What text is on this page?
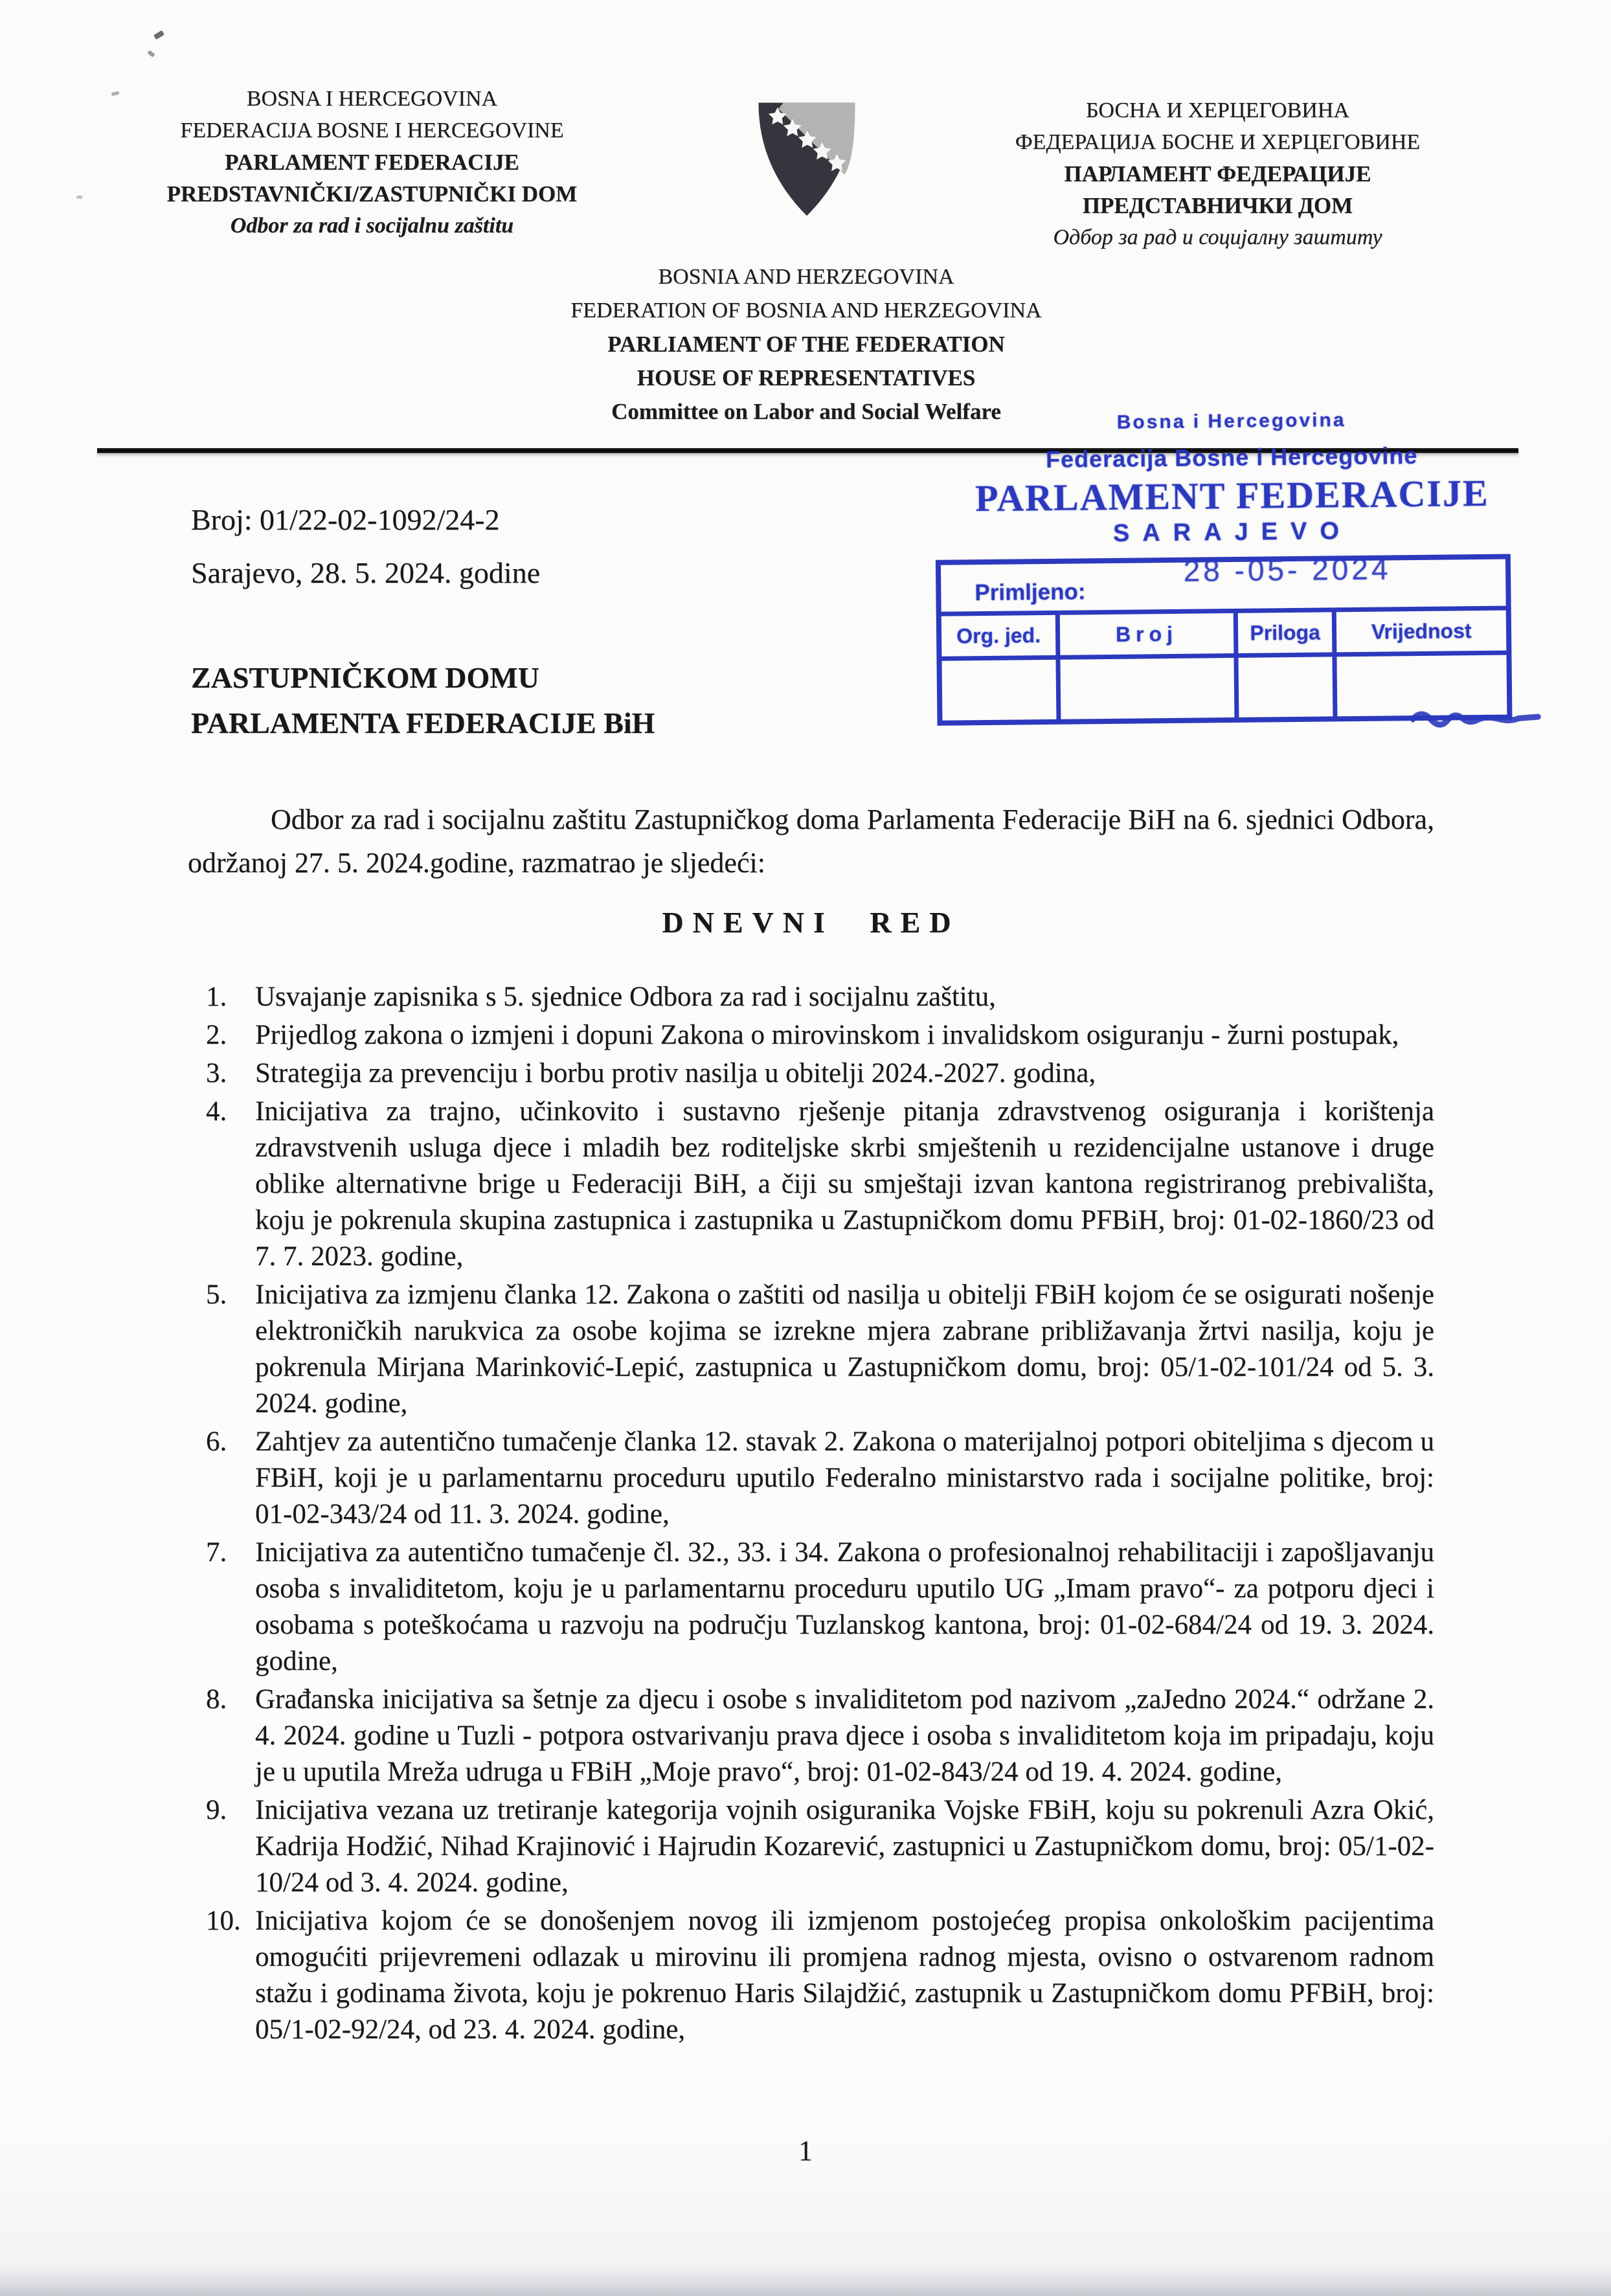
BOSNA I HERCEGOVINA
FEDERACIJA BOSNE I HERCEGOVINE
PARLAMENT FEDERACIJE
PREDSTAVNIČKI/ZASTUPNIČKI DOM
Odbor za rad i socijalnu zaštitu
БОСНА И ХЕРЦЕГОВИНА
ФЕДЕРАЦИЈА БОСНЕ И ХЕРЦЕГОВИНЕ
ПАРЛАМЕНТ ФЕДЕРАЦИЈЕ
ПРЕДСТАВНИЧКИ ДОМ
Одбор за рад и социјалну заштиту
BOSNIA AND HERZEGOVINA
FEDERATION OF BOSNIA AND HERZEGOVINA
PARLIAMENT OF THE FEDERATION
HOUSE OF REPRESENTATIVES
Committee on Labor and Social Welfare	Bosna i Hercegovina
Federacija Bosne i Hercegovine
PARLAMENT FEDERACIJE
SARAJEVO
Primljeno:
28 -05- 2024
Org. jed.	Broj	Priloga	Vrijednost
Broj: 01/22-02-1092/24-2
Sarajevo, 28. 5. 2024. godine
ZASTUPNIČKOM DOMU
PARLAMENTA FEDERACIJE BiH

Odbor za rad i socijalnu zaštitu Zastupničkog doma Parlamenta Federacije BiH na 6. sjednici Odbora, održanoj 27. 5. 2024.godine, razmatrao je sljedeći:

DNEVNI RED
Usvajanje zapisnika s 5. sjednice Odbora za rad i socijalnu zaštitu,
Prijedlog zakona o izmjeni i dopuni Zakona o mirovinskom i invalidskom osiguranju - žurni postupak,
Strategija za prevenciju i borbu protiv nasilja u obitelji 2024.-2027. godina,
Inicijativa za trajno, učinkovito i sustavno rješenje pitanja zdravstvenog osiguranja i korištenja zdravstvenih usluga djece i mladih bez roditeljske skrbi smještenih u rezidencijalne ustanove i druge oblike alternativne brige u Federaciji BiH, a čiji su smještaji izvan kantona registriranog prebivališta, koju je pokrenula skupina zastupnica i zastupnika u Zastupničkom domu PFBiH, broj: 01-02-1860/23 od 7. 7. 2023. godine,
Inicijativa za izmjenu članka 12. Zakona o zaštiti od nasilja u obitelji FBiH kojom će se osigurati nošenje elektroničkih narukvica za osobe kojima se izrekne mjera zabrane približavanja žrtvi nasilja, koju je pokrenula Mirjana Marinković-Lepić, zastupnica u Zastupničkom domu, broj: 05/1-02-101/24 od 5. 3. 2024. godine,
Zahtjev za autentično tumačenje članka 12. stavak 2. Zakona o materijalnoj potpori obiteljima s djecom u FBiH, koji je u parlamentarnu proceduru uputilo Federalno ministarstvo rada i socijalne politike, broj: 01-02-343/24 od 11. 3. 2024. godine,
Inicijativa za autentično tumačenje čl. 32., 33. i 34. Zakona o profesionalnoj rehabilitaciji i zapošljavanju osoba s invaliditetom, koju je u parlamentarnu proceduru uputilo UG „Imam pravo“- za potporu djeci i osobama s poteškoćama u razvoju na području Tuzlanskog kantona, broj: 01-02-684/24 od 19. 3. 2024. godine,
Građanska inicijativa sa šetnje za djecu i osobe s invaliditetom pod nazivom „zaJedno 2024.“ održane 2. 4. 2024. godine u Tuzli - potpora ostvarivanju prava djece i osoba s invaliditetom koja im pripadaju, koju je u uputila Mreža udruga u FBiH „Moje pravo“, broj: 01-02-843/24 od 19. 4. 2024. godine,
Inicijativa vezana uz tretiranje kategorija vojnih osiguranika Vojske FBiH, koju su pokrenuli Azra Okić, Kadrija Hodžić, Nihad Krajinović i Hajrudin Kozarević, zastupnici u Zastupničkom domu, broj: 05/1-02-10/24 od 3. 4. 2024. godine,
Inicijativa kojom će se donošenjem novog ili izmjenom postojećeg propisa onkološkim pacijentima omogućiti prijevremeni odlazak u mirovinu ili promjena radnog mjesta, ovisno o ostvarenom radnom stažu i godinama života, koju je pokrenuo Haris Silajdžić, zastupnik u Zastupničkom domu PFBiH, broj: 05/1-02-92/24, od 23. 4. 2024. godine,
1
